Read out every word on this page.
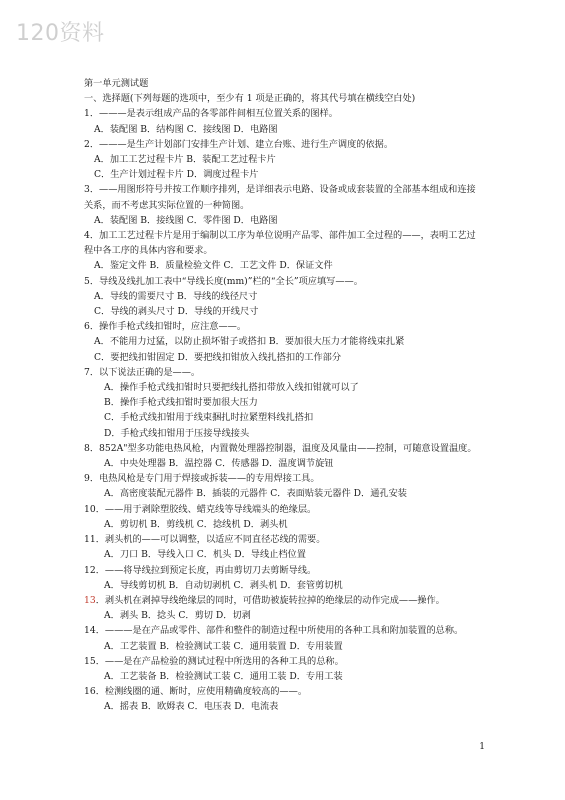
120资料
第一单元测试题
一、选择题(下列每题的选项中，至少有 1 项是正确的，将其代号填在横线空白处)
1．———是表示组成产品的各零部件间相互位置关系的图样。
A．装配图 B．结构图 C．接线图 D．电路图
2．———是生产计划部门安排生产计划、建立台账、进行生产调度的依据。
A．加工工艺过程卡片 B．装配工艺过程卡片
C．生产计划过程卡片 D．调度过程卡片
3．——用图形符号并按工作顺序排列，是详细表示电路、设备或成套装置的全部基本组成和连接关系，而不考虑其实际位置的一种简图。
A．装配图 B．接线图 C．零件图 D．电路图
4．加工工艺过程卡片是用于编制以工序为单位说明产品零、部件加工全过程的——，表明工艺过程中各工序的具体内容和要求。
A．鉴定文件 B．质量检验文件 C．工艺文件 D．保证文件
5．导线及线扎加工表中“导线长度(mm)”栏的“全长”项应填写——。
A．导线的需要尺寸 B．导线的线径尺寸
C．导线的剥头尺寸 D．导线的开线尺寸
6．操作手枪式线扣钳时，应注意——。
A．不能用力过猛，以防止损坏钳子或搭扣 B．要加很大压力才能将线束扎紧
C．要把线扣钳固定 D．要把线扣钳放入线扎搭扣的工作部分
7．以下说法正确的是——。
A．操作手枪式线扣钳时只要把线扎搭扣带放入线扣钳就可以了
B．操作手枪式线扣钳时要加很大压力
C．手枪式线扣钳用于线束捆扎时拉紧塑料线扎搭扣
D．手枪式线扣钳用于压接导线接头
8．852A"型多功能电热风枪，内置微处理器控制器，温度及风量由——控制，可随意设置温度。
A．中央处理器 B．温控器 C．传感器 D．温度调节旋钮
9．电热风枪是专门用于焊接或拆装——的专用焊接工具。
A．高密度装配元器件 B．插装的元器件 C．表面贴装元器件 D．通孔安装
10．——用于剥除塑胶线、蜡克线等导线端头的绝缘层。
A．剪切机 B．剪线机 C．捻线机 D．剥头机
11．剥头机的——可以调整，以适应不同直径芯线的需要。
A．刀口 B．导线入口 C．机头 D．导线止档位置
12．——将导线拉到预定长度，再由剪切刀去剪断导线。
A．导线剪切机 B．自动切剥机 C．剥头机 D．套管剪切机
13．剥头机在剥掉导线绝缘层的同时，可借助被旋转拉掉的绝缘层的动作完成——操作。
A．剥头 B．捻头 C．剪切 D．切剥
14．———是在产品或零件、部件和整件的制造过程中所使用的各种工具和附加装置的总称。
A．工艺装置 B．检验测试工装 C．通用装置 D．专用装置
15．——是在产品检验的测试过程中所选用的各种工具的总称。
A．工艺装备 B．检验测试工装 C．通用工装 D．专用工装
16．检测线圈的通、断时，应使用精确度较高的——。
A．摇表 B．欧姆表 C．电压表 D．电流表
1
